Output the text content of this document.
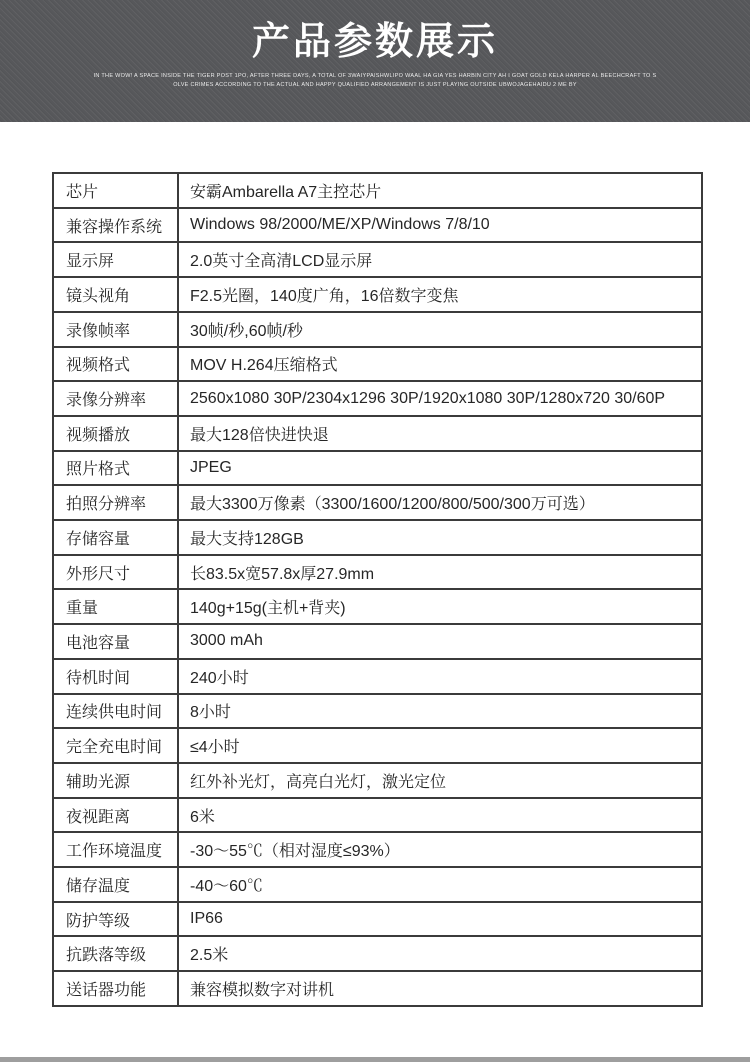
产品参数展示
IN THE WOW! A SPACE INSIDE THE TIGER POST 1PO, AFTER THREE DAYS, A TOTAL OF 3WAIYPAISHWLIPO WAAL HA GIA YES HARBIN CITY AH I GOAT GOLD KELA HARPER AL BEECHCRAFT TO S
OLVE CRIMES ACCORDING TO THE ACTUAL AND HAPPY QUALIFIED ARRANGEMENT IS JUST PLAYING OUTSIDE UBWOJAGEHAIDU 2 ME BY
芯片	安霸Ambarella A7主控芯片
兼容操作系统	Windows 98/2000/ME/XP/Windows 7/8/10
显示屏	2.0英寸全高清LCD显示屏
镜头视角	F2.5光圈，140度广角，16倍数字变焦
录像帧率	30帧/秒,60帧/秒
视频格式	MOV H.264压缩格式
录像分辨率	2560x1080 30P/2304x1296 30P/1920x1080 30P/1280x720 30/60P
视频播放	最大128倍快进快退
照片格式	JPEG
拍照分辨率	最大3300万像素（3300/1600/1200/800/500/300万可选）
存储容量	最大支持128GB
外形尺寸	长83.5x宽57.8x厚27.9mm
重量	140g+15g(主机+背夹)
电池容量	3000 mAh
待机时间	240小时
连续供电时间	8小时
完全充电时间	≤4小时
辅助光源	红外补光灯，高亮白光灯，激光定位
夜视距离	6米
工作环境温度	-30～55℃（相对湿度≤93%）
储存温度	-40～60℃
防护等级	IP66
抗跌落等级	2.5米
送话器功能	兼容模拟数字对讲机
